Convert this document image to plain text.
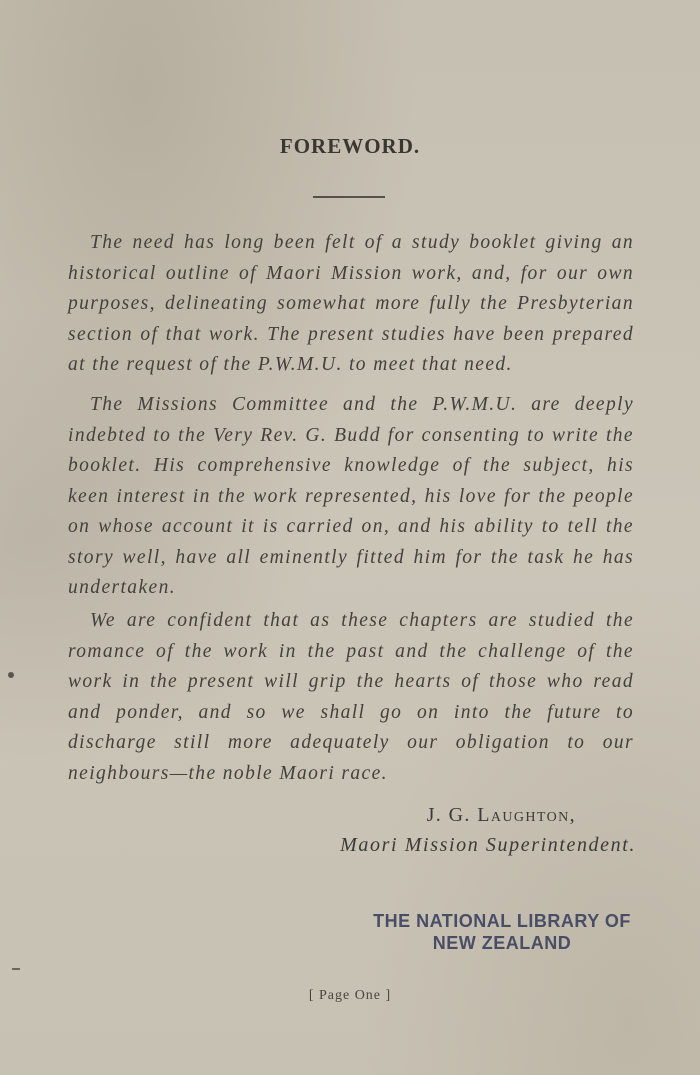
FOREWORD.

The need has long been felt of a study booklet giving an historical outline of Maori Mission work, and, for our own purposes, delineating somewhat more fully the Presbyterian section of that work. The present studies have been prepared at the request of the P.W.M.U. to meet that need.

The Missions Committee and the P.W.M.U. are deeply indebted to the Very Rev. G. Budd for consenting to write the booklet. His comprehensive knowledge of the subject, his keen interest in the work represented, his love for the people on whose account it is carried on, and his ability to tell the story well, have all eminently fitted him for the task he has undertaken.

We are confident that as these chapters are studied the romance of the work in the past and the challenge of the work in the present will grip the hearts of those who read and ponder, and so we shall go on into the future to discharge still more adequately our obligation to our neighbours—the noble Maori race.

J. G. Laughton,
Maori Mission Superintendent.
THE NATIONAL LIBRARY OF
NEW ZEALAND
[ Page One ]
